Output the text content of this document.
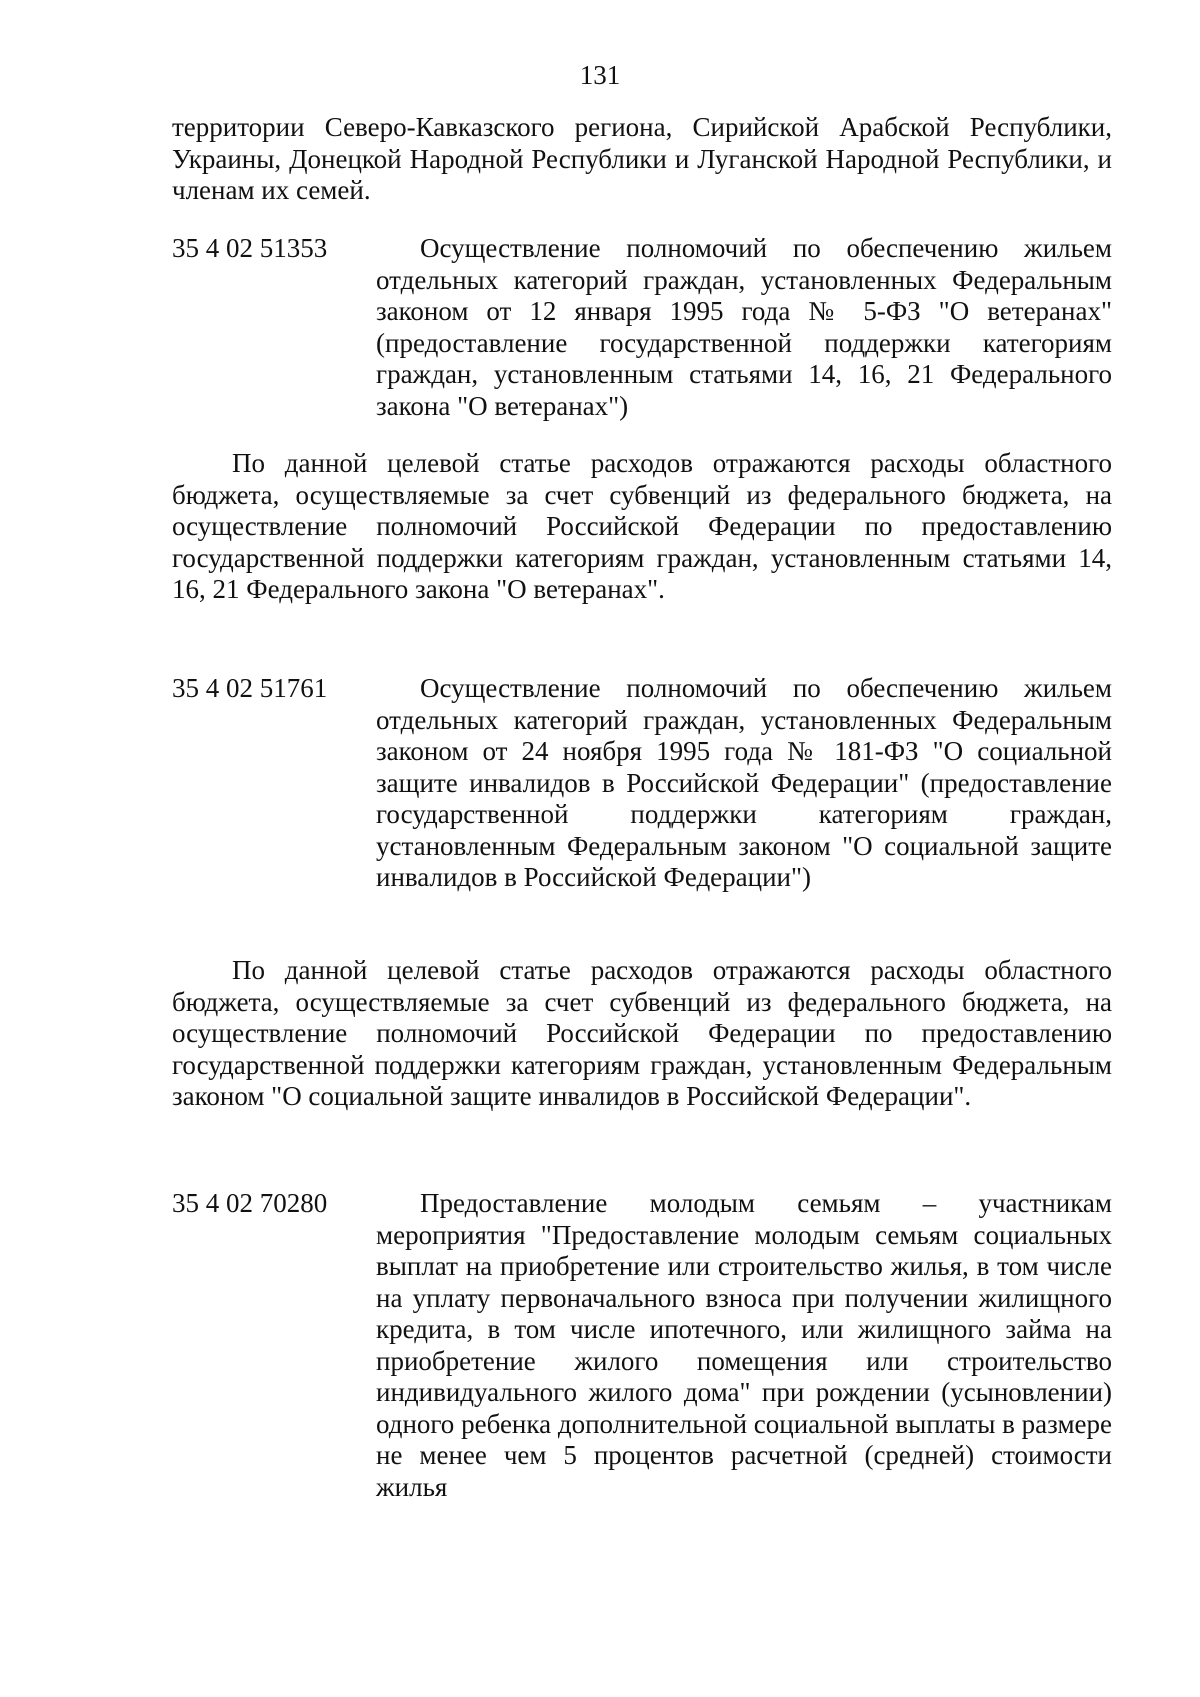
131
территории Северо-Кавказского региона, Сирийской Арабской Республики, Украины, Донецкой Народной Республики и Луганской Народной Республики, и членам их семей.
35 4 02 51353	Осуществление полномочий по обеспечению жильем отдельных категорий граждан, установленных Федеральным законом от 12 января 1995 года № 5-ФЗ "О ветеранах" (предоставление государственной поддержки категориям граждан, установленным статьями 14, 16, 21 Федерального закона "О ветеранах")
По данной целевой статье расходов отражаются расходы областного бюджета, осуществляемые за счет субвенций из федерального бюджета, на осуществление полномочий Российской Федерации по предоставлению государственной поддержки категориям граждан, установленным статьями 14, 16, 21 Федерального закона "О ветеранах".
35 4 02 51761	Осуществление полномочий по обеспечению жильем отдельных категорий граждан, установленных Федеральным законом от 24 ноября 1995 года № 181-ФЗ "О социальной защите инвалидов в Российской Федерации" (предоставление государственной поддержки категориям граждан, установленным Федеральным законом "О социальной защите инвалидов в Российской Федерации")
По данной целевой статье расходов отражаются расходы областного бюджета, осуществляемые за счет субвенций из федерального бюджета, на осуществление полномочий Российской Федерации по предоставлению государственной поддержки категориям граждан, установленным Федеральным законом "О социальной защите инвалидов в Российской Федерации".
35 4 02 70280	Предоставление молодым семьям – участникам мероприятия "Предоставление молодым семьям социальных выплат на приобретение или строительство жилья, в том числе на уплату первоначального взноса при получении жилищного кредита, в том числе ипотечного, или жилищного займа на приобретение жилого помещения или строительство индивидуального жилого дома" при рождении (усыновлении) одного ребенка дополнительной социальной выплаты в размере не менее чем 5 процентов расчетной (средней) стоимости жилья
